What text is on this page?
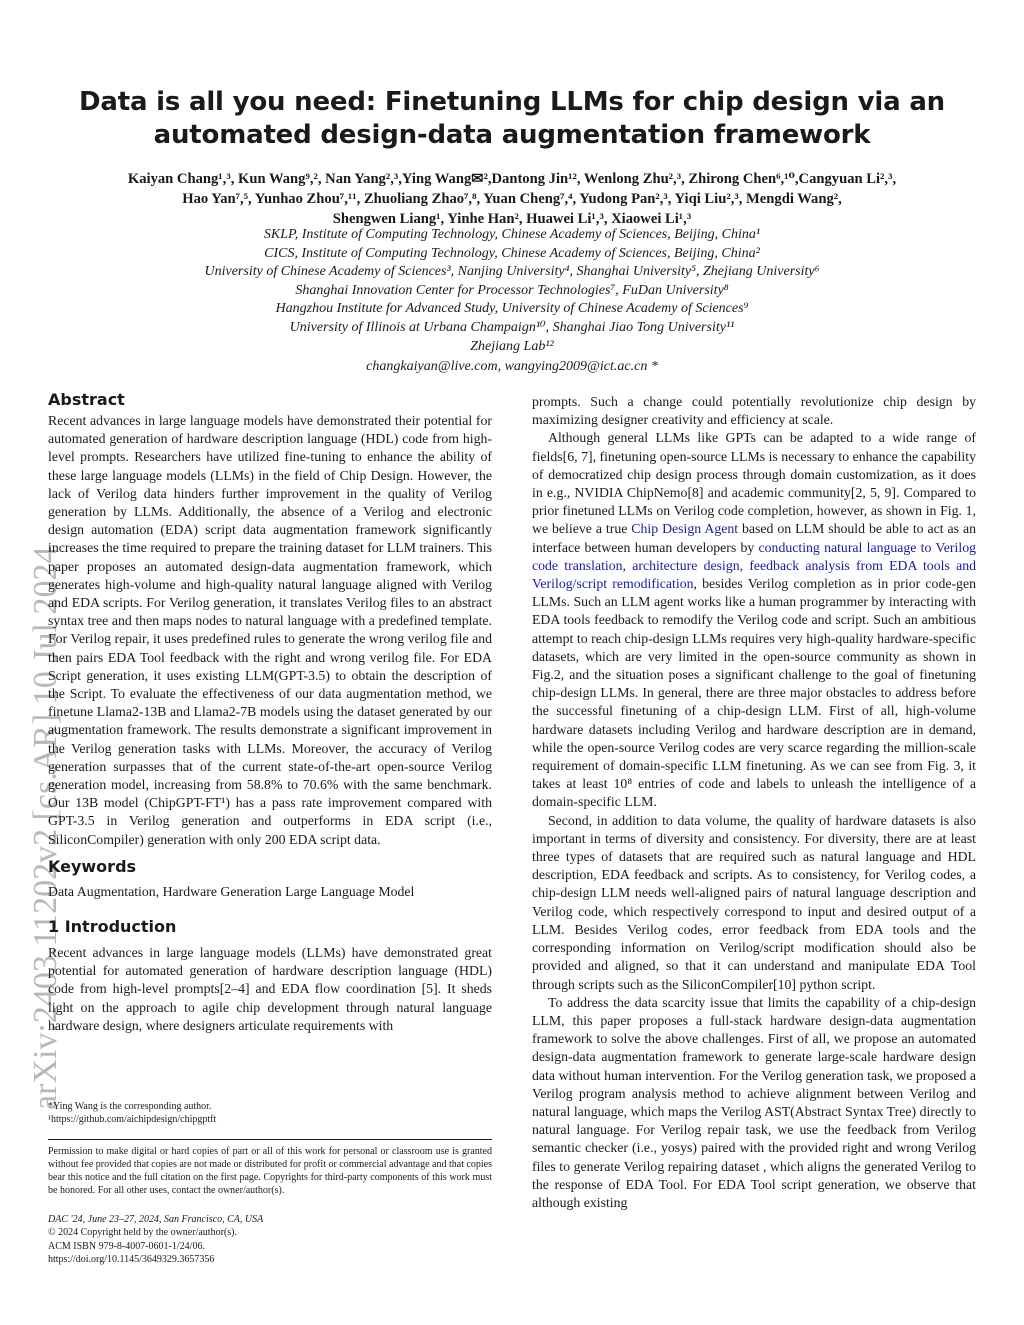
arXiv:2403.11202v2 [cs.AR] 10 Jul 2024
Data is all you need: Finetuning LLMs for chip design via an automated design-data augmentation framework
Kaiyan Chang¹,³, Kun Wang⁹,², Nan Yang²,³,Ying Wang✉²,Dantong Jin¹², Wenlong Zhu²,³, Zhirong Chen⁶,¹⁰,Cangyuan Li²,³,
Hao Yan⁷,⁵, Yunhao Zhou⁷,¹¹, Zhuoliang Zhao⁷,⁸, Yuan Cheng⁷,⁴, Yudong Pan²,³, Yiqi Liu²,³, Mengdi Wang²,
Shengwen Liang¹, Yinhe Han², Huawei Li¹,³, Xiaowei Li¹,³
SKLP, Institute of Computing Technology, Chinese Academy of Sciences, Beijing, China¹
CICS, Institute of Computing Technology, Chinese Academy of Sciences, Beijing, China²
University of Chinese Academy of Sciences³, Nanjing University⁴, Shanghai University⁵, Zhejiang University⁶
Shanghai Innovation Center for Processor Technologies⁷, FuDan University⁸
Hangzhou Institute for Advanced Study, University of Chinese Academy of Sciences⁹
University of Illinois at Urbana Champaign¹⁰, Shanghai Jiao Tong University¹¹
Zhejiang Lab¹²
changkaiyan@live.com, wangying2009@ict.ac.cn *
Abstract

Recent advances in large language models have demonstrated their potential for automated generation of hardware description language (HDL) code from high-level prompts. Researchers have utilized fine-tuning to enhance the ability of these large language models (LLMs) in the field of Chip Design. However, the lack of Verilog data hinders further improvement in the quality of Verilog generation by LLMs. Additionally, the absence of a Verilog and electronic design automation (EDA) script data augmentation framework significantly increases the time required to prepare the training dataset for LLM trainers. This paper proposes an automated design-data augmentation framework, which generates high-volume and high-quality natural language aligned with Verilog and EDA scripts. For Verilog generation, it translates Verilog files to an abstract syntax tree and then maps nodes to natural language with a predefined template. For Verilog repair, it uses predefined rules to generate the wrong verilog file and then pairs EDA Tool feedback with the right and wrong verilog file. For EDA Script generation, it uses existing LLM(GPT-3.5) to obtain the description of the Script. To evaluate the effectiveness of our data augmentation method, we finetune Llama2-13B and Llama2-7B models using the dataset generated by our augmentation framework. The results demonstrate a significant improvement in the Verilog generation tasks with LLMs. Moreover, the accuracy of Verilog generation surpasses that of the current state-of-the-art open-source Verilog generation model, increasing from 58.8% to 70.6% with the same benchmark. Our 13B model (ChipGPT-FT¹) has a pass rate improvement compared with GPT-3.5 in Verilog generation and outperforms in EDA script (i.e., SiliconCompiler) generation with only 200 EDA script data.

Keywords

Data Augmentation, Hardware Generation Large Language Model

1 Introduction

Recent advances in large language models (LLMs) have demonstrated great potential for automated generation of hardware description language (HDL) code from high-level prompts[2–4] and EDA flow coordination [5]. It sheds light on the approach to agile chip development through natural language hardware design, where designers articulate requirements with

*Ying Wang is the corresponding author.
¹https://github.com/aichipdesign/chipgptft
Permission to make digital or hard copies of part or all of this work for personal or classroom use is granted without fee provided that copies are not made or distributed for profit or commercial advantage and that copies bear this notice and the full citation on the first page. Copyrights for third-party components of this work must be honored. For all other uses, contact the owner/author(s).
DAC '24, June 23–27, 2024, San Francisco, CA, USA
© 2024 Copyright held by the owner/author(s).
ACM ISBN 979-8-4007-0601-1/24/06.
https://doi.org/10.1145/3649329.3657356

prompts. Such a change could potentially revolutionize chip design by maximizing designer creativity and efficiency at scale.

Although general LLMs like GPTs can be adapted to a wide range of fields[6, 7], finetuning open-source LLMs is necessary to enhance the capability of democratized chip design process through domain customization, as it does in e.g., NVIDIA ChipNemo[8] and academic community[2, 5, 9]. Compared to prior finetuned LLMs on Verilog code completion, however, as shown in Fig. 1, we believe a true Chip Design Agent based on LLM should be able to act as an interface between human developers by conducting natural language to Verilog code translation, architecture design, feedback analysis from EDA tools and Verilog/script remodification, besides Verilog completion as in prior code-gen LLMs. Such an LLM agent works like a human programmer by interacting with EDA tools feedback to remodify the Verilog code and script. Such an ambitious attempt to reach chip-design LLMs requires very high-quality hardware-specific datasets, which are very limited in the open-source community as shown in Fig.2, and the situation poses a significant challenge to the goal of finetuning chip-design LLMs. In general, there are three major obstacles to address before the successful finetuning of a chip-design LLM. First of all, high-volume hardware datasets including Verilog and hardware description are in demand, while the open-source Verilog codes are very scarce regarding the million-scale requirement of domain-specific LLM finetuning. As we can see from Fig. 3, it takes at least 10⁸ entries of code and labels to unleash the intelligence of a domain-specific LLM.

Second, in addition to data volume, the quality of hardware datasets is also important in terms of diversity and consistency. For diversity, there are at least three types of datasets that are required such as natural language and HDL description, EDA feedback and scripts. As to consistency, for Verilog codes, a chip-design LLM needs well-aligned pairs of natural language description and Verilog code, which respectively correspond to input and desired output of a LLM. Besides Verilog codes, error feedback from EDA tools and the corresponding information on Verilog/script modification should also be provided and aligned, so that it can understand and manipulate EDA Tool through scripts such as the SiliconCompiler[10] python script.

To address the data scarcity issue that limits the capability of a chip-design LLM, this paper proposes a full-stack hardware design-data augmentation framework to solve the above challenges. First of all, we propose an automated design-data augmentation framework to generate large-scale hardware design data without human intervention. For the Verilog generation task, we proposed a Verilog program analysis method to achieve alignment between Verilog and natural language, which maps the Verilog AST(Abstract Syntax Tree) directly to natural language. For Verilog repair task, we use the feedback from Verilog semantic checker (i.e., yosys) paired with the provided right and wrong Verilog files to generate Verilog repairing dataset , which aligns the generated Verilog to the response of EDA Tool. For EDA Tool script generation, we observe that although existing
